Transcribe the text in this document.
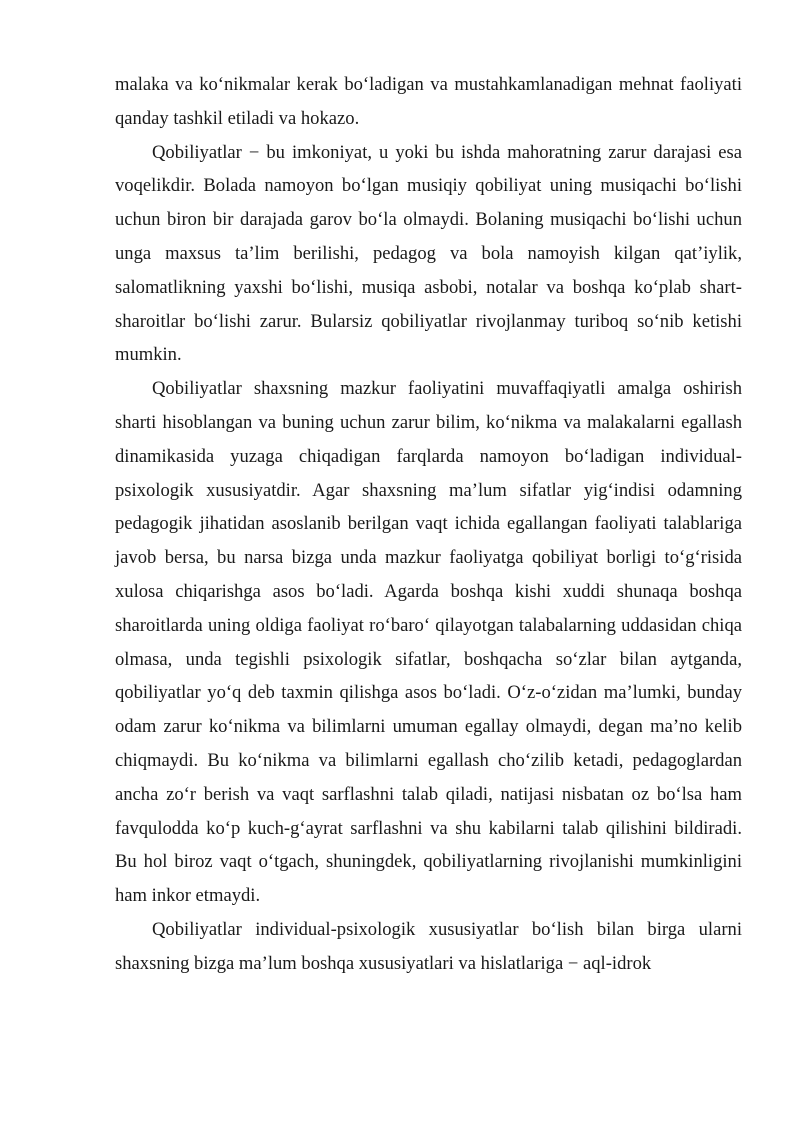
malaka va ko‘nikmalar kerak bo‘ladigan va mustahkamlanadigan mehnat faoliyati qanday tashkil etiladi va hokazo.

Qobiliyatlar − bu imkoniyat, u yoki bu ishda mahoratning zarur darajasi esa voqelikdir. Bolada namoyon bo‘lgan musiqiy qobiliyat uning musiqachi bo‘lishi uchun biron bir darajada garov bo‘la olmaydi. Bolaning musiqachi bo‘lishi uchun unga maxsus ta’lim berilishi, pedagog va bola namoyish kilgan qat’iylik, salomatlikning yaxshi bo‘lishi, musiqa asbobi, notalar va boshqa ko‘plab shart-sharoitlar bo‘lishi zarur. Bularsiz qobiliyatlar rivojlanmay turiboq so‘nib ketishi mumkin.

Qobiliyatlar shaxsning mazkur faoliyatini muvaffaqiyatli amalga oshirish sharti hisoblangan va buning uchun zarur bilim, ko‘nikma va malakalarni egallash dinamikasida yuzaga chiqadigan farqlarda namoyon bo‘ladigan individual-psixologik xususiyatdir. Agar shaxsning ma’lum sifatlar yig‘indisi odamning pedagogik jihatidan asoslanib berilgan vaqt ichida egallangan faoliyati talablariga javob bersa, bu narsa bizga unda mazkur faoliyatga qobiliyat borligi to‘g‘risida xulosa chiqarishga asos bo‘ladi. Agarda boshqa kishi xuddi shunaqa boshqa sharoitlarda uning oldiga faoliyat ro‘baro‘ qilayotgan talabalarning uddasidan chiqa olmasa, unda tegishli psixologik sifatlar, boshqacha so‘zlar bilan aytganda, qobiliyatlar yo‘q deb taxmin qilishga asos bo‘ladi. O‘z-o‘zidan ma’lumki, bunday odam zarur ko‘nikma va bilimlarni umuman egallay olmaydi, degan ma’no kelib chiqmaydi. Bu ko‘nikma va bilimlarni egallash cho‘zilib ketadi, pedagoglardan ancha zo‘r berish va vaqt sarflashni talab qiladi, natijasi nisbatan oz bo‘lsa ham favqulodda ko‘p kuch-g‘ayrat sarflashni va shu kabilarni talab qilishini bildiradi. Bu hol biroz vaqt o‘tgach, shuningdek, qobiliyatlarning rivojlanishi mumkinligini ham inkor etmaydi.

Qobiliyatlar individual-psixologik xususiyatlar bo‘lish bilan birga ularni shaxsning bizga ma’lum boshqa xususiyatlari va hislatlariga − aql-idrok
